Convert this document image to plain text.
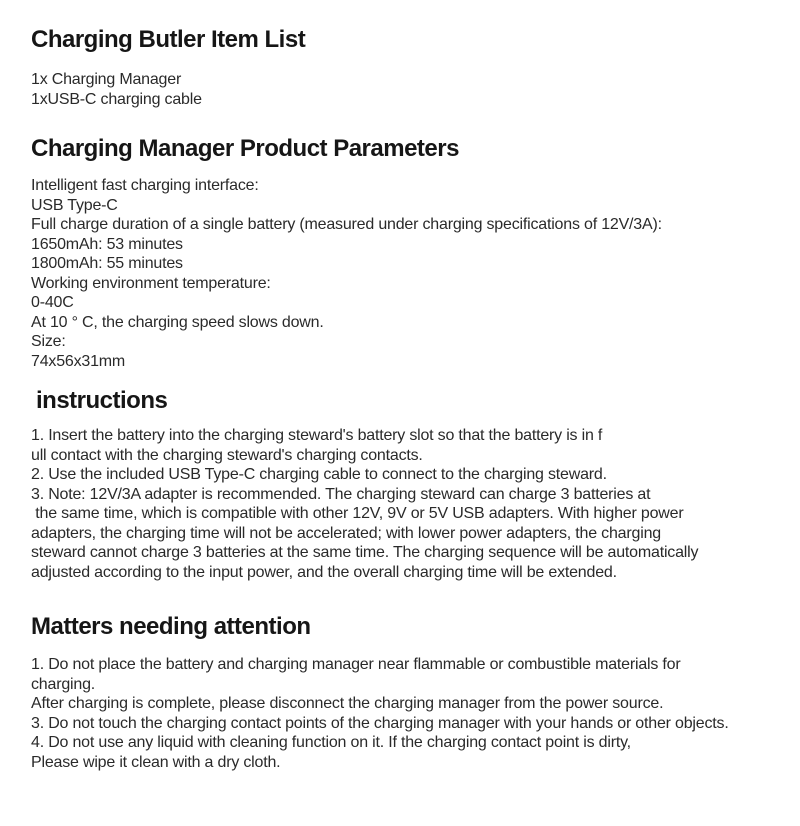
Charging Butler Item List
1x Charging Manager
1xUSB-C charging cable
Charging Manager Product Parameters
Intelligent fast charging interface:
USB Type-C
Full charge duration of a single battery (measured under charging specifications of 12V/3A):
1650mAh: 53 minutes
1800mAh: 55 minutes
Working environment temperature:
0-40C
At 10 ° C, the charging speed slows down.
Size:
74x56x31mm
instructions
1. Insert the battery into the charging steward's battery slot so that the battery is in f
ull contact with the charging steward's charging contacts.
2. Use the included USB Type-C charging cable to connect to the charging steward.
3. Note: 12V/3A adapter is recommended. The charging steward can charge 3 batteries at
the same time, which is compatible with other 12V, 9V or 5V USB adapters. With higher power
adapters, the charging time will not be accelerated; with lower power adapters, the charging
steward cannot charge 3 batteries at the same time. The charging sequence will be automatically
adjusted according to the input power, and the overall charging time will be extended.
Matters needing attention
1. Do not place the battery and charging manager near flammable or combustible materials for
charging.
After charging is complete, please disconnect the charging manager from the power source.
3. Do not touch the charging contact points of the charging manager with your hands or other objects.
4. Do not use any liquid with cleaning function on it. If the charging contact point is dirty,
Please wipe it clean with a dry cloth.
